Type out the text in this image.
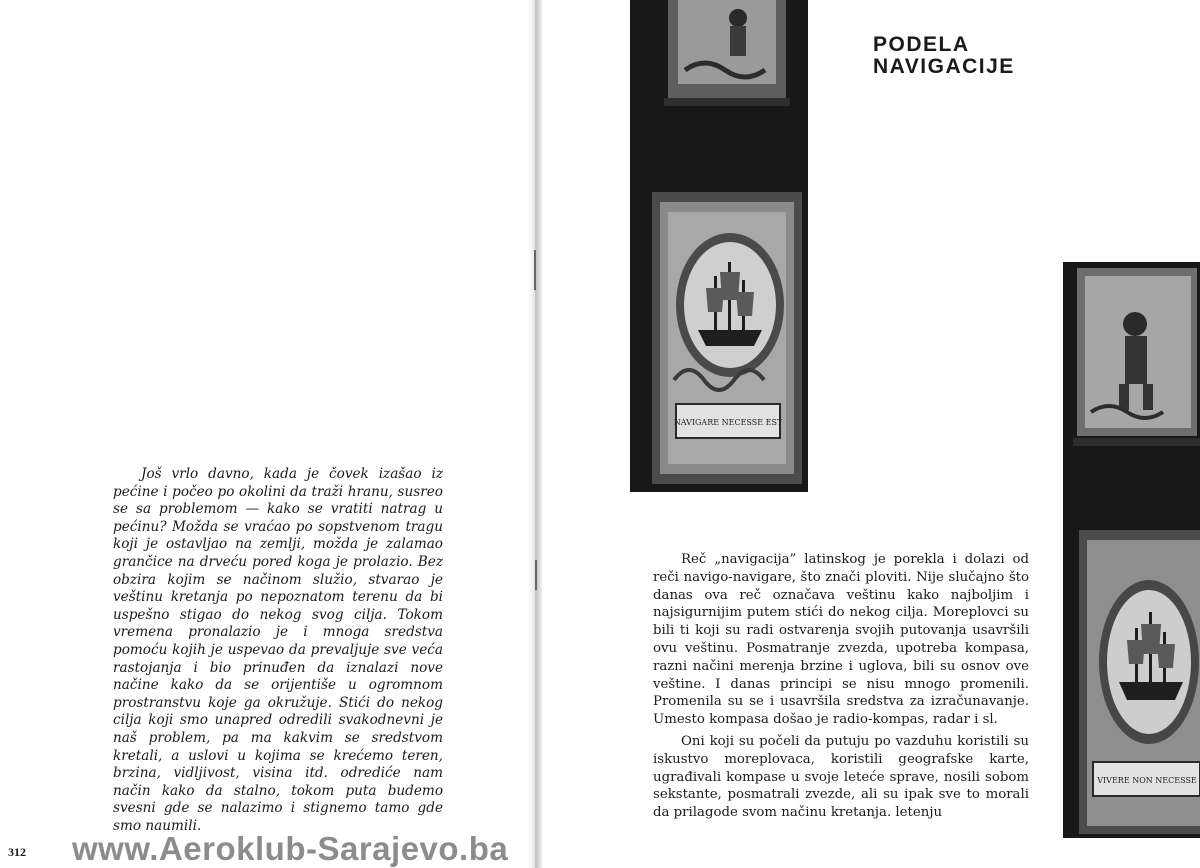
Još vrlo davno, kada je čovek izašao iz pećine i počeo po okolini da traži hranu, susreo se sa problemom — kako se vratiti natrag u pećinu? Možda se vraćao po sopstvenom tragu koji je ostavljao na zemlji, možda je zalamao grančice na drveću pored koga je prolazio. Bez obzira kojim se načinom služio, stvarao je veštinu kretanja po nepoznatom terenu da bi uspešno stigao do nekog svog cilja. Tokom vremena pronalazio je i mnoga sredstva pomoću kojih je uspevao da prevaljuje sve veća rastojanja i bio prinuđen da iznalazi nove načine kako da se orijentiše u ogromnom prostranstvu koje ga okružuje. Stići do nekog cilja koji smo unapred odredili svakodnevni je naš problem, pa ma kakvim se sredstvom kretali, a uslovi u kojima se krećemo teren, brzina, vidljivost, visina itd. odrediće nam način kako da stalno, tokom puta budemo svesni gde se nalazimo i stignemo tamo gde smo naumili.

312 www.Aeroklub-Sarajevo.ba
NAVIGARE NECESSE EST
VIVERE NON NECESSE
PODELA
NAVIGACIJE

Reč „navigacija” latinskog je porekla i dolazi od reči navigo-navigare, što znači ploviti. Nije slučajno što danas ova reč označava veštinu kako najboljim i najsigurnijim putem stići do nekog cilja. Moreplovci su bili ti koji su radi ostvarenja svojih putovanja usavršili ovu veštinu. Posmatranje zvezda, upotreba kompasa, razni načini merenja brzine i uglova, bili su osnov ove veštine. I danas principi se nisu mnogo promenili. Promenila su se i usavršila sredstva za izračunavanje. Umesto kompasa došao je radio-kompas, radar i sl.

Oni koji su počeli da putuju po vazduhu koristili su iskustvo moreplovaca, koristili geografske karte, ugrađivali kompase u svoje leteće sprave, nosili sobom sekstante, posmatrali zvezde, ali su ipak sve to morali da prilagode svom načinu kretanja. letenju
